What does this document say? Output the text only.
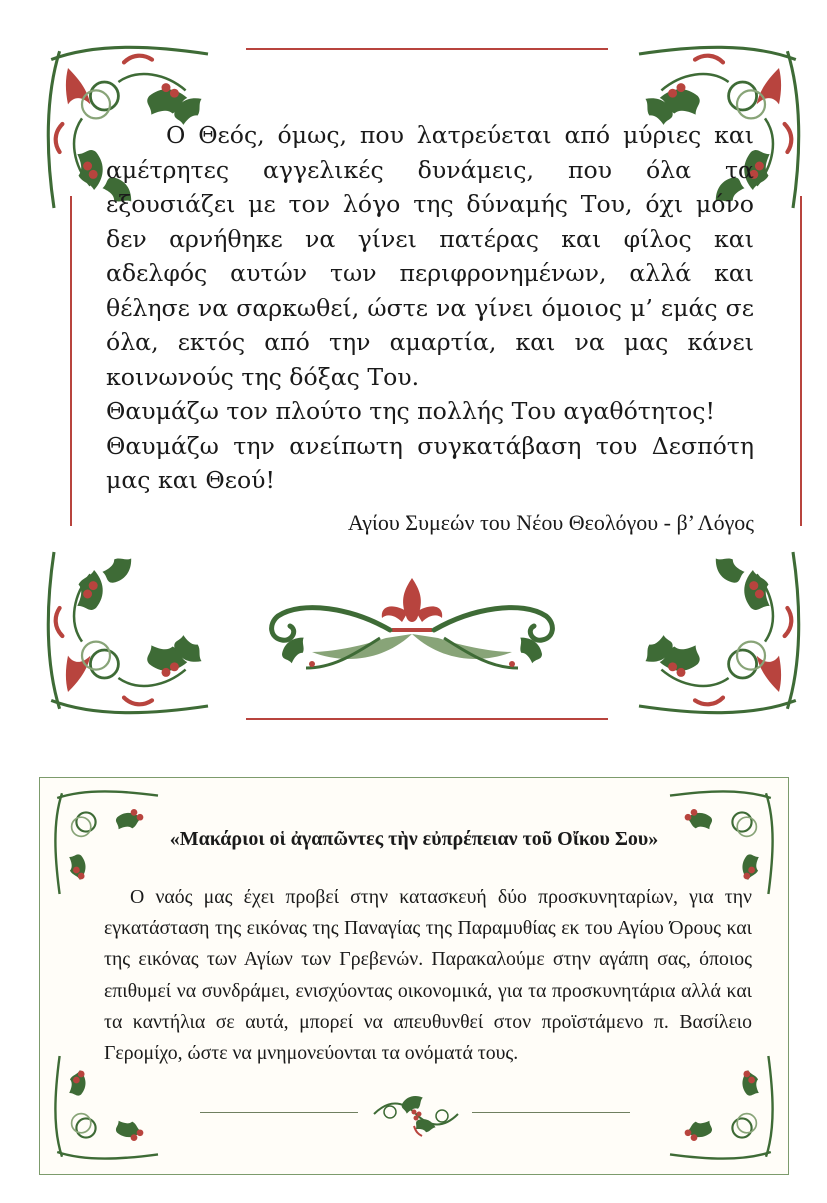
Ο Θεός, όμως, που λατρεύεται από μύριες και αμέτρητες αγγελικές δυνάμεις, που όλα τα εξουσιάζει με τον λόγο της δύναμής Του, όχι μόνο δεν αρνήθηκε να γίνει πατέρας και φίλος και αδελφός αυτών των περιφρονημένων, αλλά και θέλησε να σαρκωθεί, ώστε να γίνει όμοιος μ’ εμάς σε όλα, εκτός από την αμαρτία, και να μας κάνει κοινωνούς της δόξας Του.

Θαυμάζω τον πλούτο της πολλής Του αγαθότητος!

Θαυμάζω την ανείπωτη συγκατάβαση του Δεσπότη μας και Θεού!

Αγίου Συμεών του Νέου Θεολόγου - β’ Λόγος
«Μακάριοι οἱ ἀγαπῶντες τὴν εὐπρέπειαν τοῦ Οἴκου Σου»

Ο ναός μας έχει προβεί στην κατασκευή δύο προσκυνηταρίων, για την εγκατάσταση της εικόνας της Παναγίας της Παραμυθίας εκ του Αγίου Όρους και της εικόνας των Αγίων των Γρεβενών. Παρακαλούμε στην αγάπη σας, όποιος επιθυμεί να συνδράμει, ενισχύοντας οικονομικά, για τα προσκυνητάρια αλλά και τα καντήλια σε αυτά, μπορεί να απευθυνθεί στον προϊστάμενο π. Βασίλειο Γερομίχο, ώστε να μνημονεύονται τα ονόματά τους.
